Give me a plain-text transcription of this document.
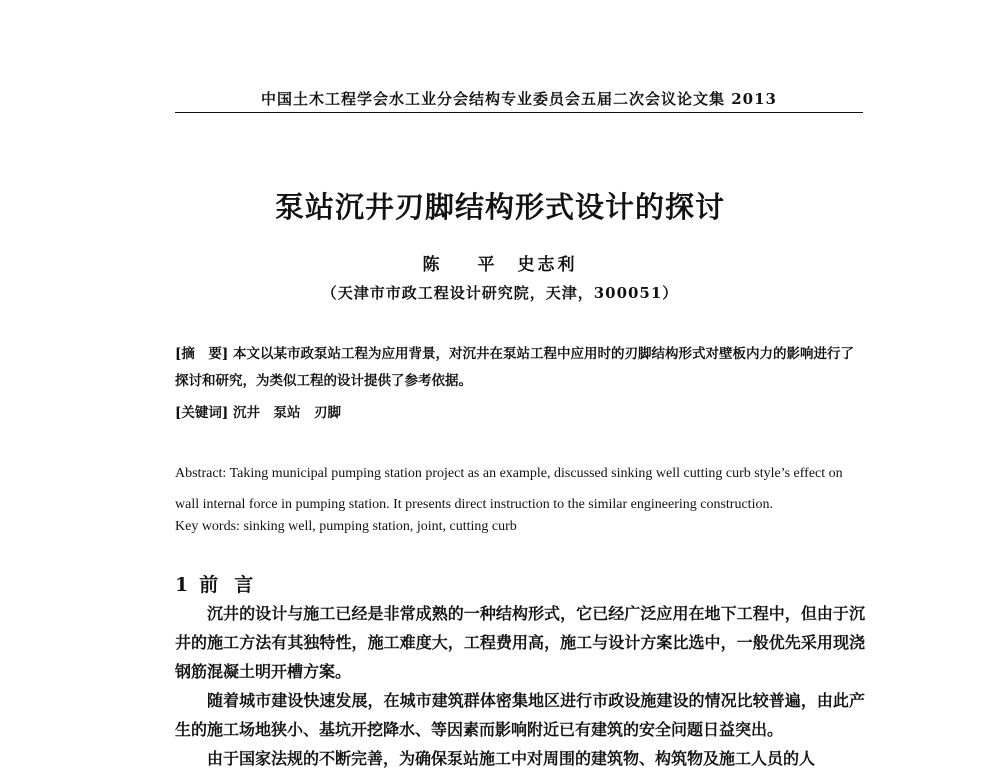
中国土木工程学会水工业分会结构专业委员会五届二次会议论文集 2013
泵站沉井刃脚结构形式设计的探讨
陈 平　史志利
（天津市市政工程设计研究院，天津，300051）
[摘　要] 本文以某市政泵站工程为应用背景，对沉井在泵站工程中应用时的刃脚结构形式对壁板内力的影响进行了探讨和研究，为类似工程的设计提供了参考依据。
[关键词] 沉井　泵站　刃脚
Abstract: Taking municipal pumping station project as an example, discussed sinking well cutting curb style’s effect on wall internal force in pumping station. It presents direct instruction to the similar engineering construction.
Key words: sinking well, pumping station, joint, cutting curb
1 前言

沉井的设计与施工已经是非常成熟的一种结构形式，它已经广泛应用在地下工程中，但由于沉井的施工方法有其独特性，施工难度大，工程费用高，施工与设计方案比选中，一般优先采用现浇钢筋混凝土明开槽方案。

随着城市建设快速发展，在城市建筑群体密集地区进行市政设施建设的情况比较普遍，由此产生的施工场地狭小、基坑开挖降水、等因素而影响附近已有建筑的安全问题日益突出。

由于国家法规的不断完善，为确保泵站施工中对周围的建筑物、构筑物及施工人员的人
